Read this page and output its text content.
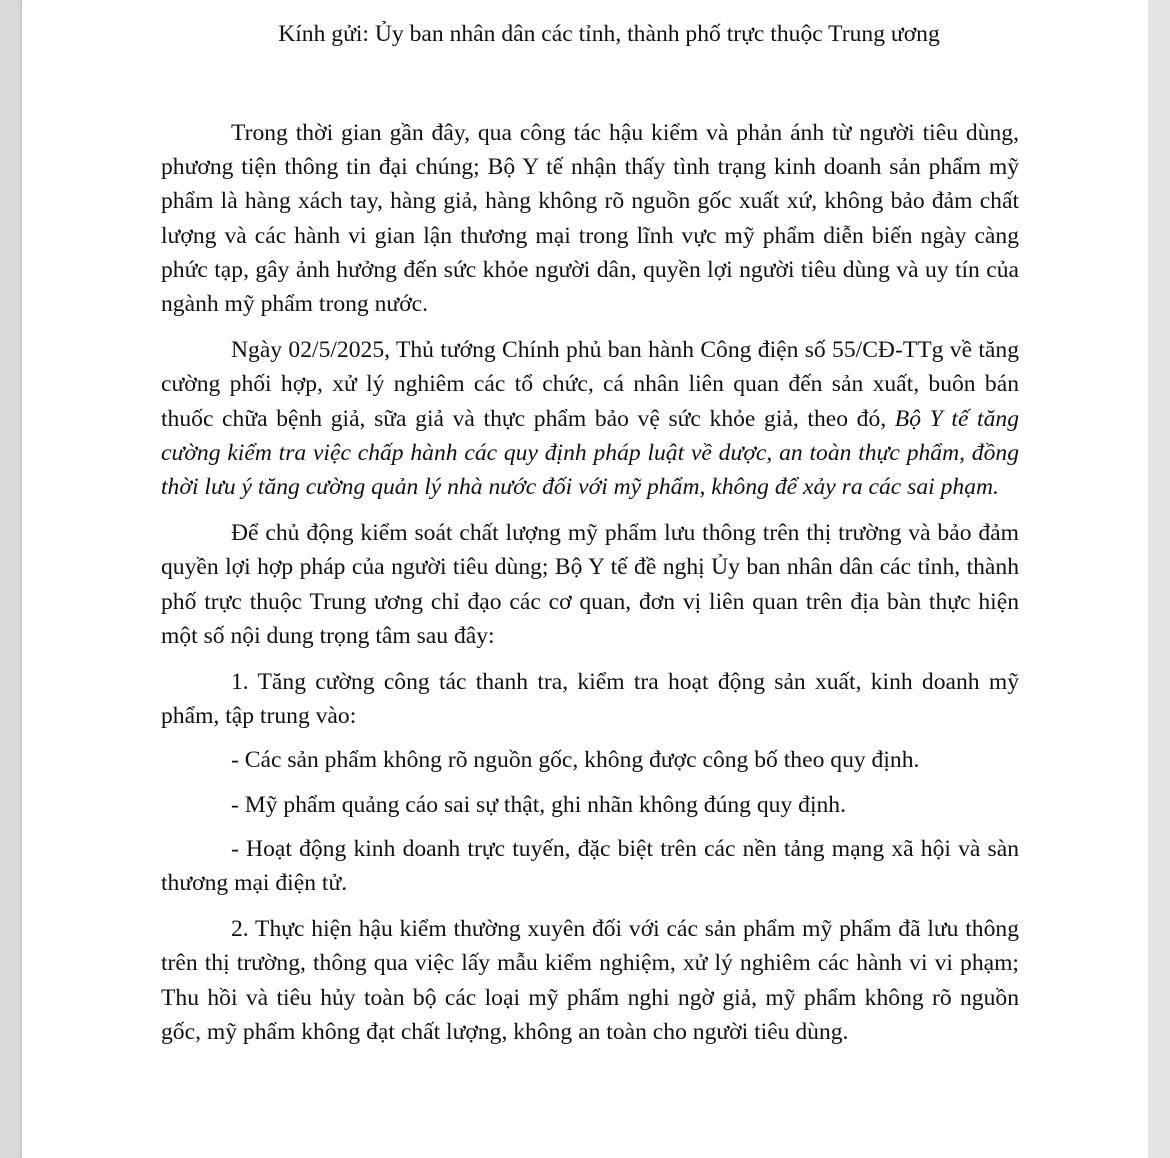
Kính gửi: Ủy ban nhân dân các tỉnh, thành phố trực thuộc Trung ương

Trong thời gian gần đây, qua công tác hậu kiểm và phản ánh từ người tiêu dùng, phương tiện thông tin đại chúng; Bộ Y tế nhận thấy tình trạng kinh doanh sản phẩm mỹ phẩm là hàng xách tay, hàng giả, hàng không rõ nguồn gốc xuất xứ, không bảo đảm chất lượng và các hành vi gian lận thương mại trong lĩnh vực mỹ phẩm diễn biến ngày càng phức tạp, gây ảnh hưởng đến sức khỏe người dân, quyền lợi người tiêu dùng và uy tín của ngành mỹ phẩm trong nước.

Ngày 02/5/2025, Thủ tướng Chính phủ ban hành Công điện số 55/CĐ-TTg về tăng cường phối hợp, xử lý nghiêm các tổ chức, cá nhân liên quan đến sản xuất, buôn bán thuốc chữa bệnh giả, sữa giả và thực phẩm bảo vệ sức khỏe giả, theo đó, Bộ Y tế tăng cường kiểm tra việc chấp hành các quy định pháp luật về dược, an toàn thực phẩm, đồng thời lưu ý tăng cường quản lý nhà nước đối với mỹ phẩm, không để xảy ra các sai phạm.

Để chủ động kiểm soát chất lượng mỹ phẩm lưu thông trên thị trường và bảo đảm quyền lợi hợp pháp của người tiêu dùng; Bộ Y tế đề nghị Ủy ban nhân dân các tỉnh, thành phố trực thuộc Trung ương chỉ đạo các cơ quan, đơn vị liên quan trên địa bàn thực hiện một số nội dung trọng tâm sau đây:

1. Tăng cường công tác thanh tra, kiểm tra hoạt động sản xuất, kinh doanh mỹ phẩm, tập trung vào:

- Các sản phẩm không rõ nguồn gốc, không được công bố theo quy định.

- Mỹ phẩm quảng cáo sai sự thật, ghi nhãn không đúng quy định.

- Hoạt động kinh doanh trực tuyến, đặc biệt trên các nền tảng mạng xã hội và sàn thương mại điện tử.

2. Thực hiện hậu kiểm thường xuyên đối với các sản phẩm mỹ phẩm đã lưu thông trên thị trường, thông qua việc lấy mẫu kiểm nghiệm, xử lý nghiêm các hành vi vi phạm; Thu hồi và tiêu hủy toàn bộ các loại mỹ phẩm nghi ngờ giả, mỹ phẩm không rõ nguồn gốc, mỹ phẩm không đạt chất lượng, không an toàn cho người tiêu dùng.
